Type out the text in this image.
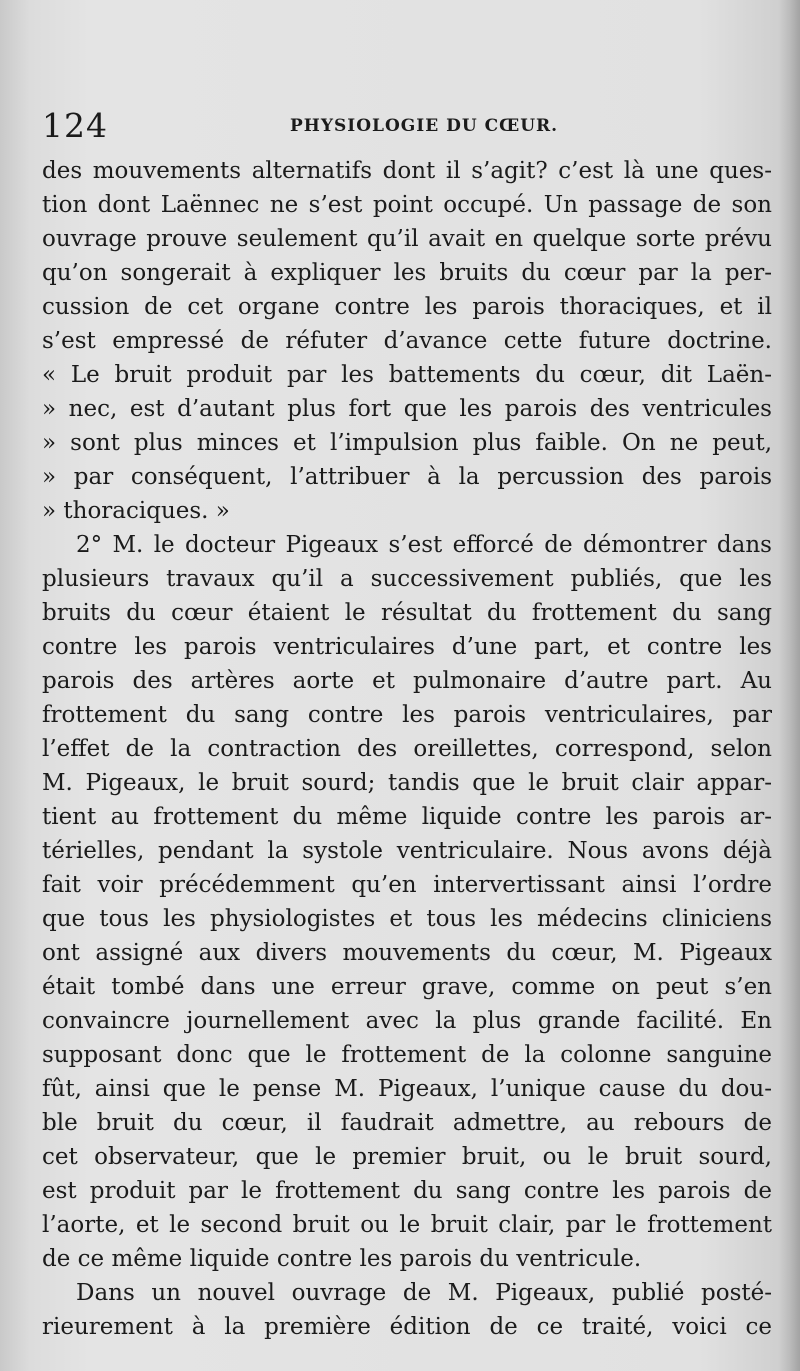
124	PHYSIOLOGIE DU CŒUR.
des mouvements alternatifs dont il s’agit? c’est là une ques-
tion dont Laënnec ne s’est point occupé. Un passage de son
ouvrage prouve seulement qu’il avait en quelque sorte prévu
qu’on songerait à expliquer les bruits du cœur par la per-
cussion de cet organe contre les parois thoraciques, et il
s’est empressé de réfuter d’avance cette future doctrine.
« Le bruit produit par les battements du cœur, dit Laën-
» nec, est d’autant plus fort que les parois des ventricules
» sont plus minces et l’impulsion plus faible. On ne peut,
» par conséquent, l’attribuer à la percussion des parois
» thoraciques. »
2° M. le docteur Pigeaux s’est efforcé de démontrer dans
plusieurs travaux qu’il a successivement publiés, que les
bruits du cœur étaient le résultat du frottement du sang
contre les parois ventriculaires d’une part, et contre les
parois des artères aorte et pulmonaire d’autre part. Au
frottement du sang contre les parois ventriculaires, par
l’effet de la contraction des oreillettes, correspond, selon
M. Pigeaux, le bruit sourd; tandis que le bruit clair appar-
tient au frottement du même liquide contre les parois ar-
térielles, pendant la systole ventriculaire. Nous avons déjà
fait voir précédemment qu’en intervertissant ainsi l’ordre
que tous les physiologistes et tous les médecins cliniciens
ont assigné aux divers mouvements du cœur, M. Pigeaux
était tombé dans une erreur grave, comme on peut s’en
convaincre journellement avec la plus grande facilité. En
supposant donc que le frottement de la colonne sanguine
fût, ainsi que le pense M. Pigeaux, l’unique cause du dou-
ble bruit du cœur, il faudrait admettre, au rebours de
cet observateur, que le premier bruit, ou le bruit sourd,
est produit par le frottement du sang contre les parois de
l’aorte, et le second bruit ou le bruit clair, par le frottement
de ce même liquide contre les parois du ventricule.
Dans un nouvel ouvrage de M. Pigeaux, publié posté-
rieurement à la première édition de ce traité, voici ce
